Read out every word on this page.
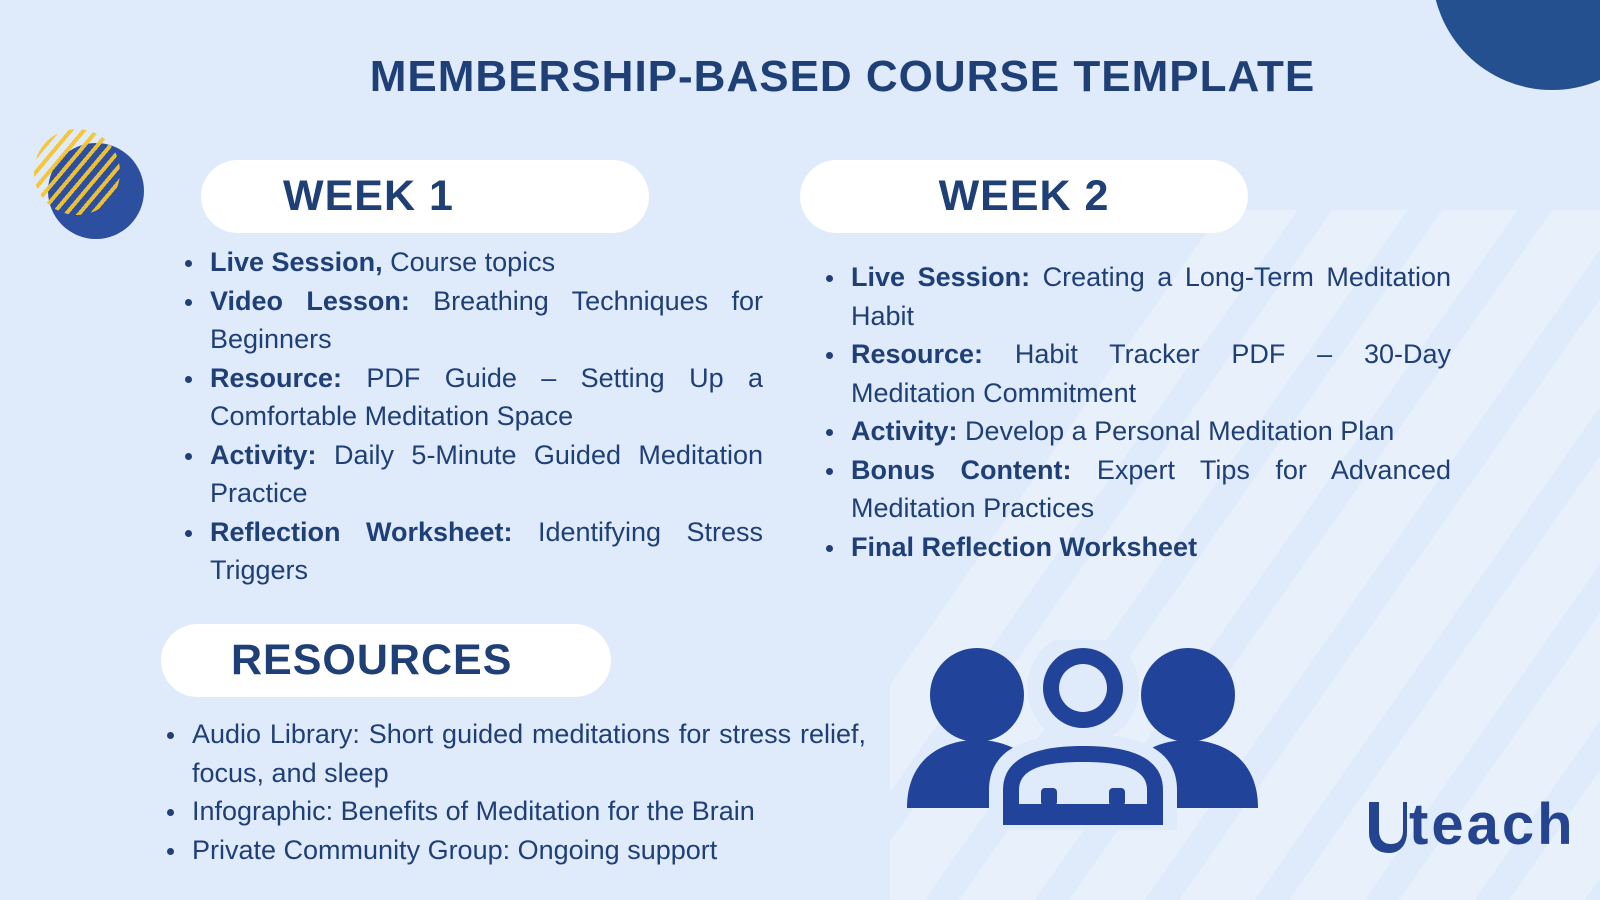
MEMBERSHIP-BASED COURSE TEMPLATE
WEEK 1	WEEK 2
Live Session, Course topics
Video Lesson: Breathing Techniques for Beginners
Resource: PDF Guide – Setting Up a Comfortable Meditation Space
Activity: Daily 5-Minute Guided Meditation Practice
Reflection Worksheet: Identifying Stress Triggers
Live Session: Creating a Long-Term Meditation Habit
Resource: Habit Tracker PDF – 30-Day Meditation Commitment
Activity: Develop a Personal Meditation Plan
Bonus Content: Expert Tips for Advanced Meditation Practices
Final Reflection Worksheet
RESOURCES
Audio Library: Short guided meditations for stress relief, focus, and sleep
Infographic: Benefits of Meditation for the Brain
Private Community Group: Ongoing support	teach
